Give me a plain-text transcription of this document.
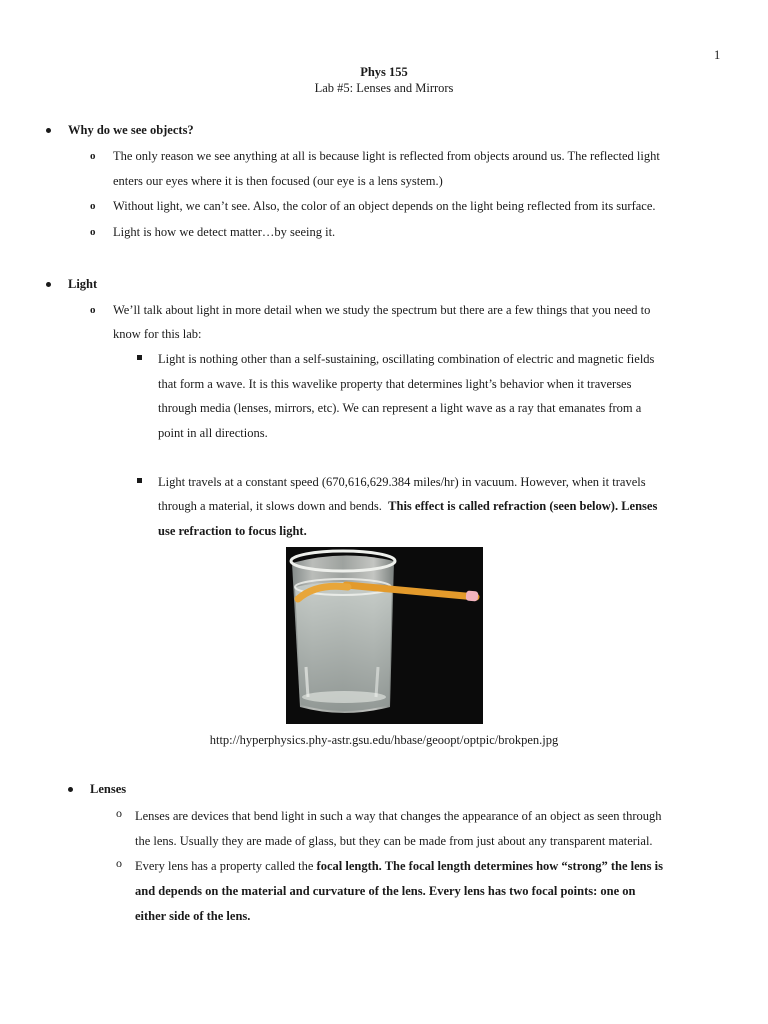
1
Phys 155
Lab #5: Lenses and Mirrors
Why do we see objects?
o The only reason we see anything at all is because light is reflected from objects around us. The reflected light
enters our eyes where it is then focused (our eye is a lens system.)
o Without light, we can’t see. Also, the color of an object depends on the light being reflected from its surface.
o Light is how we detect matter…by seeing it.
Light
o We’ll talk about light in more detail when we study the spectrum but there are a few things that you need to
know for this lab:
Light is nothing other than a self-sustaining, oscillating combination of electric and magnetic fields
that form a wave. It is this wavelike property that determines light’s behavior when it traverses
through media (lenses, mirrors, etc). We can represent a light wave as a ray that emanates from a
point in all directions.
Light travels at a constant speed (670,616,629.384 miles/hr) in vacuum. However, when it travels
through a material, it slows down and bends.  This effect is called refraction (seen below). Lenses
use refraction to focus light.
http://hyperphysics.phy-astr.gsu.edu/hbase/geoopt/optpic/brokpen.jpg
Lenses
o Lenses are devices that bend light in such a way that changes the appearance of an object as seen through
the lens. Usually they are made of glass, but they can be made from just about any transparent material.
o Every lens has a property called the focal length. The focal length determines how “strong” the lens is
and depends on the material and curvature of the lens. Every lens has two focal points: one on
either side of the lens.
